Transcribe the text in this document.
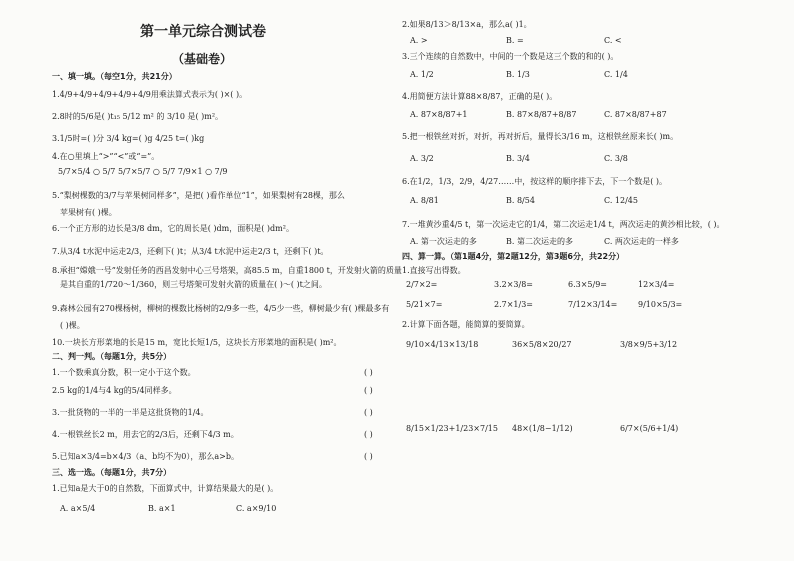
第一单元综合测试卷
（基础卷）
一、填一填。（每空1分，共21分）
1.4/9+4/9+4/9+4/9+4/9用乘法算式表示为( )×( )。
2.8时的5/6是( )t₁₅ 5/12 m² 的 3/10 是( )m²。
3.1/5时=( )分 3/4 kg=( )g 4/25 t=( )kg
4.在○里填上“>”“<”或“=”。
5/7×5/4 ○ 5/7 5/7×5/7 ○ 5/7 7/9×1 ○ 7/9
5.“梨树棵数的3/7与苹果树同样多”，是把( )看作单位“1”，如果梨树有28棵，那么
苹果树有( )棵。
6.一个正方形的边长是3/8 dm，它的周长是( )dm，面积是( )dm²。
7.从3/4 t水泥中运走2/3，还剩下( )t；从3/4 t水泥中运走2/3 t，还剩下( )t。
8.承担“嫦娥一号”发射任务的西昌发射中心三号塔架，高85.5 m，自重1800 t，开发射火箭的质量
是其自重的1/720～1/360，则三号塔架可发射火箭的质量在( )～( )t之间。
9.森林公园有270棵杨树，柳树的棵数比杨树的2/9多一些，4/5少一些，柳树最少有( )棵最多有
( )棵。
10.一块长方形菜地的长是15 m，宽比长短1/5，这块长方形菜地的面积是( )m²。
二、判一判。（每题1分，共5分）
1.一个数乘真分数，积一定小于这个数。	( )
2.5 kg的1/4与4 kg的5/4同样多。	( )
3.一批货物的一半的一半是这批货物的1/4。	( )
4.一根铁丝长2 m，用去它的2/3后，还剩下4/3 m。	( )
5.已知a×3/4=b×4/3（a、b均不为0），那么a>b。	( )
三、选一选。（每题1分，共7分）
1.已知a是大于0的自然数，下面算式中，计算结果最大的是( )。
A. a×5/4	B. a×1	C. a×9/10
2.如果8/13＞8/13×a，那么a( )1。
A. >	B. =	C. <
3.三个连续的自然数中，中间的一个数是这三个数的和的( )。
A. 1/2	B. 1/3	C. 1/4
4.用简便方法计算88×8/87，正确的是( )。
A. 87×8/87+1	B. 87×8/87+8/87	C. 87×8/87+87
5.把一根铁丝对折，对折，再对折后，量得长3/16 m，这根铁丝原来长( )m。
A. 3/2	B. 3/4	C. 3/8
6.在1/2，1/3，2/9，4/27……中，按这样的顺序排下去，下一个数是( )。
A. 8/81	B. 8/54	C. 12/45
7.一堆黄沙重4/5 t，第一次运走它的1/4，第二次运走1/4 t，两次运走的黄沙相比较，( )。
A. 第一次运走的多	B. 第二次运走的多	C. 两次运走的一样多
四、算一算。（第1题4分，第2题12分，第3题6分，共22分）
1.直接写出得数。
2/7×2=	3.2×3/8=	6.3×5/9=	12×3/4=
5/21×7=	2.7×1/3=	7/12×3/14=	9/10×5/3=
2.计算下面各题，能简算的要简算。
9/10×4/13×13/18	36×5/8×20/27	3/8×9/5+3/12
8/15×1/23+1/23×7/15 48×(1/8−1/12)	6/7×(5/6+1/4)
